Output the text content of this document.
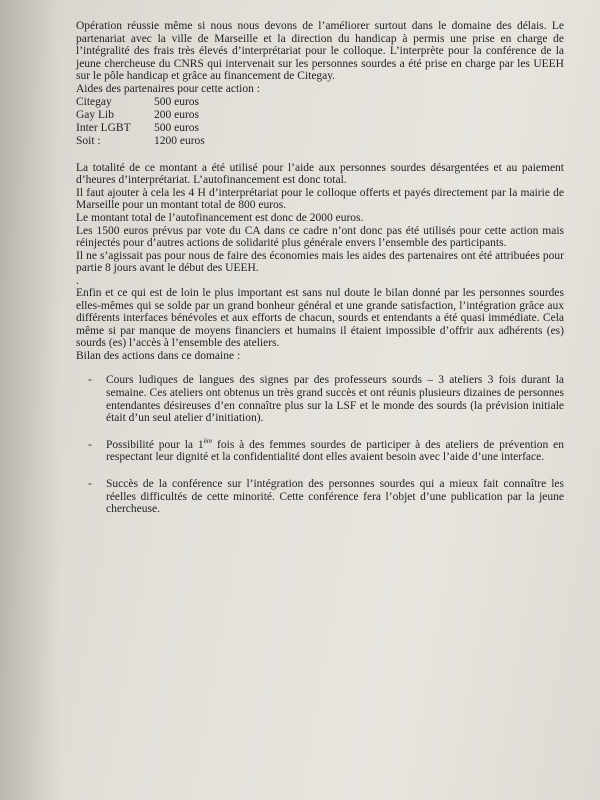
Opération réussie même si nous nous devons de l’améliorer surtout dans le domaine des délais. Le partenariat avec la ville de Marseille et la direction du handicap à permis une prise en charge de l’intégralité des frais très élevés d’interprétariat pour le colloque. L’interprète pour la conférence de la jeune chercheuse du CNRS qui intervenait sur les personnes sourdes a été prise en charge par les UEEH sur le pôle handicap et grâce au financement de Citegay.

Aides des partenaires pour cette action :

Citegay	500 euros
Gay Lib	200 euros
Inter LGBT	500 euros
Soit :	1200 euros

La totalité de ce montant a été utilisé pour l’aide aux personnes sourdes désargentées et au paiement d’heures d’interprétariat. L’autofinancement est donc total.

Il faut ajouter à cela les 4 H d’interprétariat pour le colloque offerts et payés directement par la mairie de Marseille pour un montant total de 800 euros.

Le montant total de l’autofinancement est donc de 2000 euros.

Les 1500 euros prévus par vote du CA dans ce cadre n’ont donc pas été utilisés pour cette action mais réinjectés pour d’autres actions de solidarité plus générale envers l’ensemble des participants.

Il ne s’agissait pas pour nous de faire des économies mais les aides des partenaires ont été attribuées pour partie 8 jours avant le début des UEEH.

.

Enfin et ce qui est de loin le plus important est sans nul doute le bilan donné par les personnes sourdes elles-mêmes qui se solde par un grand bonheur général et une grande satisfaction, l’intégration grâce aux différents interfaces bénévoles et aux efforts de chacun, sourds et entendants a été quasi immédiate. Cela même si par manque de moyens financiers et humains il étaient impossible d’offrir aux adhérents (es) sourds (es) l’accès à l’ensemble des ateliers.

Bilan des actions dans ce domaine :

- Cours ludiques de langues des signes par des professeurs sourds – 3 ateliers 3 fois durant la semaine. Ces ateliers ont obtenus un très grand succès et ont réunis plusieurs dizaines de personnes entendantes désireuses d’en connaître plus sur la LSF et le monde des sourds (la prévision initiale était d’un seul atelier d’initiation).
- Possibilité pour la 1ère fois à des femmes sourdes de participer à des ateliers de prévention en respectant leur dignité et la confidentialité dont elles avaient besoin avec l’aide d’une interface.
- Succès de la conférence sur l’intégration des personnes sourdes qui a mieux fait connaître les réelles difficultés de cette minorité. Cette conférence fera l’objet d’une publication par la jeune chercheuse.
